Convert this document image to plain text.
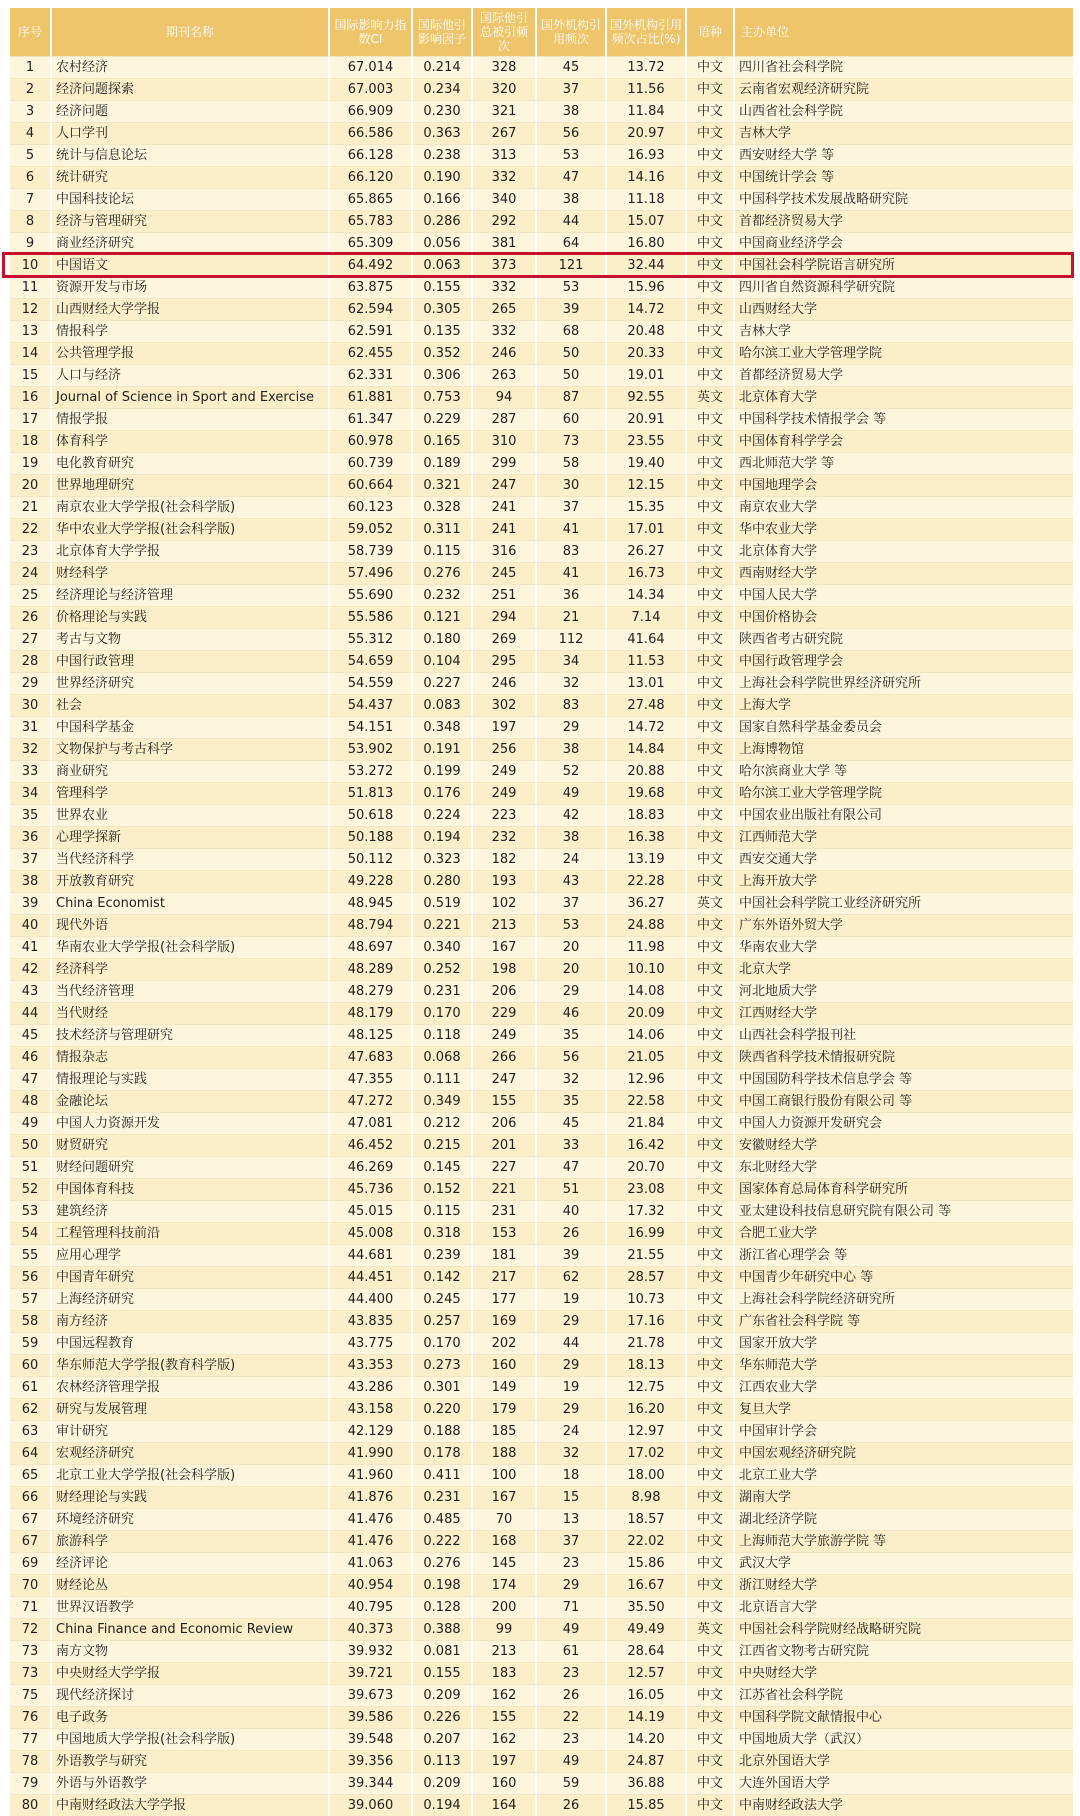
序号	期刊名称	国际影响力指数CI	国际他引影响因子	国际他引总被引频次	国外机构引用频次	国外机构引用频次占比(%)	语种	主办单位
1	农村经济	67.014	0.214	328	45	13.72	中文	四川省社会科学院
2	经济问题探索	67.003	0.234	320	37	11.56	中文	云南省宏观经济研究院
3	经济问题	66.909	0.230	321	38	11.84	中文	山西省社会科学院
4	人口学刊	66.586	0.363	267	56	20.97	中文	吉林大学
5	统计与信息论坛	66.128	0.238	313	53	16.93	中文	西安财经大学 等
6	统计研究	66.120	0.190	332	47	14.16	中文	中国统计学会 等
7	中国科技论坛	65.865	0.166	340	38	11.18	中文	中国科学技术发展战略研究院
8	经济与管理研究	65.783	0.286	292	44	15.07	中文	首都经济贸易大学
9	商业经济研究	65.309	0.056	381	64	16.80	中文	中国商业经济学会
10	中国语文	64.492	0.063	373	121	32.44	中文	中国社会科学院语言研究所
11	资源开发与市场	63.875	0.155	332	53	15.96	中文	四川省自然资源科学研究院
12	山西财经大学学报	62.594	0.305	265	39	14.72	中文	山西财经大学
13	情报科学	62.591	0.135	332	68	20.48	中文	吉林大学
14	公共管理学报	62.455	0.352	246	50	20.33	中文	哈尔滨工业大学管理学院
15	人口与经济	62.331	0.306	263	50	19.01	中文	首都经济贸易大学
16	Journal of Science in Sport and Exercise	61.881	0.753	94	87	92.55	英文	北京体育大学
17	情报学报	61.347	0.229	287	60	20.91	中文	中国科学技术情报学会 等
18	体育科学	60.978	0.165	310	73	23.55	中文	中国体育科学学会
19	电化教育研究	60.739	0.189	299	58	19.40	中文	西北师范大学 等
20	世界地理研究	60.664	0.321	247	30	12.15	中文	中国地理学会
21	南京农业大学学报(社会科学版)	60.123	0.328	241	37	15.35	中文	南京农业大学
22	华中农业大学学报(社会科学版)	59.052	0.311	241	41	17.01	中文	华中农业大学
23	北京体育大学学报	58.739	0.115	316	83	26.27	中文	北京体育大学
24	财经科学	57.496	0.276	245	41	16.73	中文	西南财经大学
25	经济理论与经济管理	55.690	0.232	251	36	14.34	中文	中国人民大学
26	价格理论与实践	55.586	0.121	294	21	7.14	中文	中国价格协会
27	考古与文物	55.312	0.180	269	112	41.64	中文	陕西省考古研究院
28	中国行政管理	54.659	0.104	295	34	11.53	中文	中国行政管理学会
29	世界经济研究	54.559	0.227	246	32	13.01	中文	上海社会科学院世界经济研究所
30	社会	54.437	0.083	302	83	27.48	中文	上海大学
31	中国科学基金	54.151	0.348	197	29	14.72	中文	国家自然科学基金委员会
32	文物保护与考古科学	53.902	0.191	256	38	14.84	中文	上海博物馆
33	商业研究	53.272	0.199	249	52	20.88	中文	哈尔滨商业大学 等
34	管理科学	51.813	0.176	249	49	19.68	中文	哈尔滨工业大学管理学院
35	世界农业	50.618	0.224	223	42	18.83	中文	中国农业出版社有限公司
36	心理学探新	50.188	0.194	232	38	16.38	中文	江西师范大学
37	当代经济科学	50.112	0.323	182	24	13.19	中文	西安交通大学
38	开放教育研究	49.228	0.280	193	43	22.28	中文	上海开放大学
39	China Economist	48.945	0.519	102	37	36.27	英文	中国社会科学院工业经济研究所
40	现代外语	48.794	0.221	213	53	24.88	中文	广东外语外贸大学
41	华南农业大学学报(社会科学版)	48.697	0.340	167	20	11.98	中文	华南农业大学
42	经济科学	48.289	0.252	198	20	10.10	中文	北京大学
43	当代经济管理	48.279	0.231	206	29	14.08	中文	河北地质大学
44	当代财经	48.179	0.170	229	46	20.09	中文	江西财经大学
45	技术经济与管理研究	48.125	0.118	249	35	14.06	中文	山西社会科学报刊社
46	情报杂志	47.683	0.068	266	56	21.05	中文	陕西省科学技术情报研究院
47	情报理论与实践	47.355	0.111	247	32	12.96	中文	中国国防科学技术信息学会 等
48	金融论坛	47.272	0.349	155	35	22.58	中文	中国工商银行股份有限公司 等
49	中国人力资源开发	47.081	0.212	206	45	21.84	中文	中国人力资源开发研究会
50	财贸研究	46.452	0.215	201	33	16.42	中文	安徽财经大学
51	财经问题研究	46.269	0.145	227	47	20.70	中文	东北财经大学
52	中国体育科技	45.736	0.152	221	51	23.08	中文	国家体育总局体育科学研究所
53	建筑经济	45.015	0.115	231	40	17.32	中文	亚太建设科技信息研究院有限公司 等
54	工程管理科技前沿	45.008	0.318	153	26	16.99	中文	合肥工业大学
55	应用心理学	44.681	0.239	181	39	21.55	中文	浙江省心理学会 等
56	中国青年研究	44.451	0.142	217	62	28.57	中文	中国青少年研究中心 等
57	上海经济研究	44.400	0.245	177	19	10.73	中文	上海社会科学院经济研究所
58	南方经济	43.835	0.257	169	29	17.16	中文	广东省社会科学院 等
59	中国远程教育	43.775	0.170	202	44	21.78	中文	国家开放大学
60	华东师范大学学报(教育科学版)	43.353	0.273	160	29	18.13	中文	华东师范大学
61	农林经济管理学报	43.286	0.301	149	19	12.75	中文	江西农业大学
62	研究与发展管理	43.158	0.220	179	29	16.20	中文	复旦大学
63	审计研究	42.129	0.188	185	24	12.97	中文	中国审计学会
64	宏观经济研究	41.990	0.178	188	32	17.02	中文	中国宏观经济研究院
65	北京工业大学学报(社会科学版)	41.960	0.411	100	18	18.00	中文	北京工业大学
66	财经理论与实践	41.876	0.231	167	15	8.98	中文	湖南大学
67	环境经济研究	41.476	0.485	70	13	18.57	中文	湖北经济学院
67	旅游科学	41.476	0.222	168	37	22.02	中文	上海师范大学旅游学院 等
69	经济评论	41.063	0.276	145	23	15.86	中文	武汉大学
70	财经论丛	40.954	0.198	174	29	16.67	中文	浙江财经大学
71	世界汉语教学	40.795	0.128	200	71	35.50	中文	北京语言大学
72	China Finance and Economic Review	40.373	0.388	99	49	49.49	英文	中国社会科学院财经战略研究院
73	南方文物	39.932	0.081	213	61	28.64	中文	江西省文物考古研究院
73	中央财经大学学报	39.721	0.155	183	23	12.57	中文	中央财经大学
75	现代经济探讨	39.673	0.209	162	26	16.05	中文	江苏省社会科学院
76	电子政务	39.586	0.226	155	22	14.19	中文	中国科学院文献情报中心
77	中国地质大学学报(社会科学版)	39.548	0.207	162	23	14.20	中文	中国地质大学（武汉）
78	外语教学与研究	39.356	0.113	197	49	24.87	中文	北京外国语大学
79	外语与外语教学	39.344	0.209	160	59	36.88	中文	大连外国语大学
80	中南财经政法大学学报	39.060	0.194	164	26	15.85	中文	中南财经政法大学
